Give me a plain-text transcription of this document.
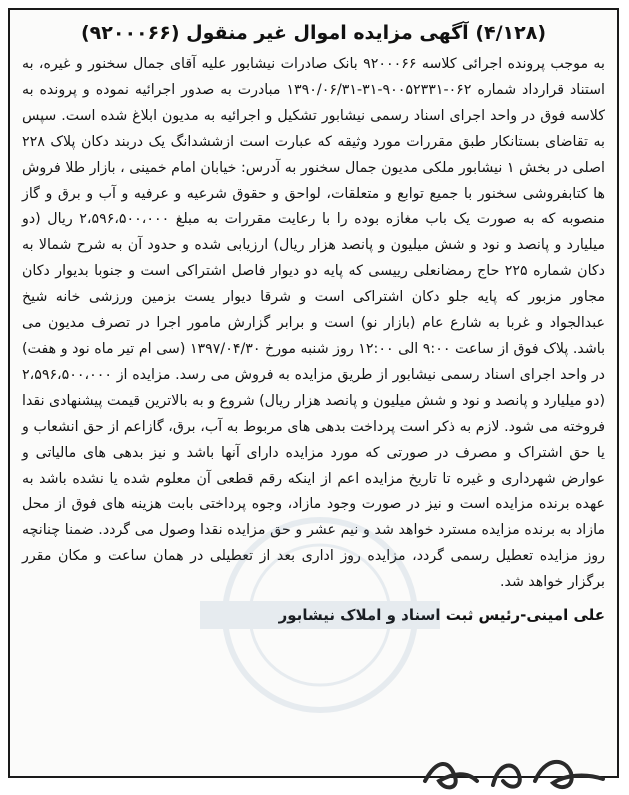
(۴/۱۲۸) آگهی مزایده اموال غیر منقول (۹۲۰۰۰۶۶)

به موجب پرونده اجرائی کلاسه ۹۲۰۰۰۶۶ بانک صادرات نیشابور علیه آقای جمال سخنور و غیره، به استناد قرارداد شماره ۰۶۲-۹۰۰۵۲۳۳۱-۳۱-۱۳۹۰/۰۶/۳۱ مبادرت به صدور اجرائیه نموده و پرونده به کلاسه فوق در واحد اجرای اسناد رسمی نیشابور تشکیل و اجرائیه به مدیون ابلاغ شده است. سپس به تقاضای بستانکار طبق مقررات مورد وثیقه که عبارت است ازششدانگ یک دربند دکان پلاک ۲۲۸ اصلی در بخش ۱ نیشابور ملکی مدیون جمال سخنور به آدرس: خیابان امام خمینی ، بازار طلا فروش ها کتابفروشی سخنور با جمیع توابع و متعلقات، لواحق و حقوق شرعیه و عرفیه و آب و برق و گاز منصوبه که به صورت یک باب مغازه بوده را با رعایت مقررات به مبلغ ۲،۵۹۶،۵۰۰،۰۰۰ ریال (دو میلیارد و پانصد و نود و شش میلیون و پانصد هزار ریال) ارزیابی شده و حدود آن به شرح شمالا به دکان شماره ۲۲۵ حاج رمضانعلی رییسی که پایه دو دیوار فاصل اشتراکی است و جنوبا بدیوار دکان مجاور مزبور که پایه جلو دکان اشتراکی است و شرقا دیوار یست بزمین ورزشی خانه شیخ عبدالجواد و غربا به شارع عام (بازار نو) است و برابر گزارش مامور اجرا در تصرف مدیون می باشد. پلاک فوق از ساعت ۹:۰۰ الی ۱۲:۰۰ روز شنبه مورخ ۱۳۹۷/۰۴/۳۰ (سی ام تیر ماه نود و هفت) در واحد اجرای اسناد رسمی نیشابور از طریق مزایده به فروش می رسد. مزایده از ۲،۵۹۶،۵۰۰،۰۰۰ (دو میلیارد و پانصد و نود و شش میلیون و پانصد هزار ریال) شروع و به بالاترین قیمت پیشنهادی نقدا فروخته می شود. لازم به ذکر است پرداخت بدهی های مربوط به آب، برق، گازاعم از حق انشعاب و یا حق اشتراک و مصرف در صورتی که مورد مزایده دارای آنها باشد و نیز بدهی های مالیاتی و عوارض شهرداری و غیره تا تاریخ مزایده اعم از اینکه رقم قطعی آن معلوم شده یا نشده باشد به عهده برنده مزایده است و نیز در صورت وجود مازاد، وجوه پرداختی بابت هزینه های فوق از محل مازاد به برنده مزایده مسترد خواهد شد و نیم عشر و حق مزایده نقدا وصول می گردد. ضمنا چنانچه روز مزایده تعطیل رسمی گردد، مزایده روز اداری بعد از تعطیلی در همان ساعت و مکان مقرر برگزار خواهد شد.

علی امینی-رئیس ثبت اسناد و املاک نیشابور
